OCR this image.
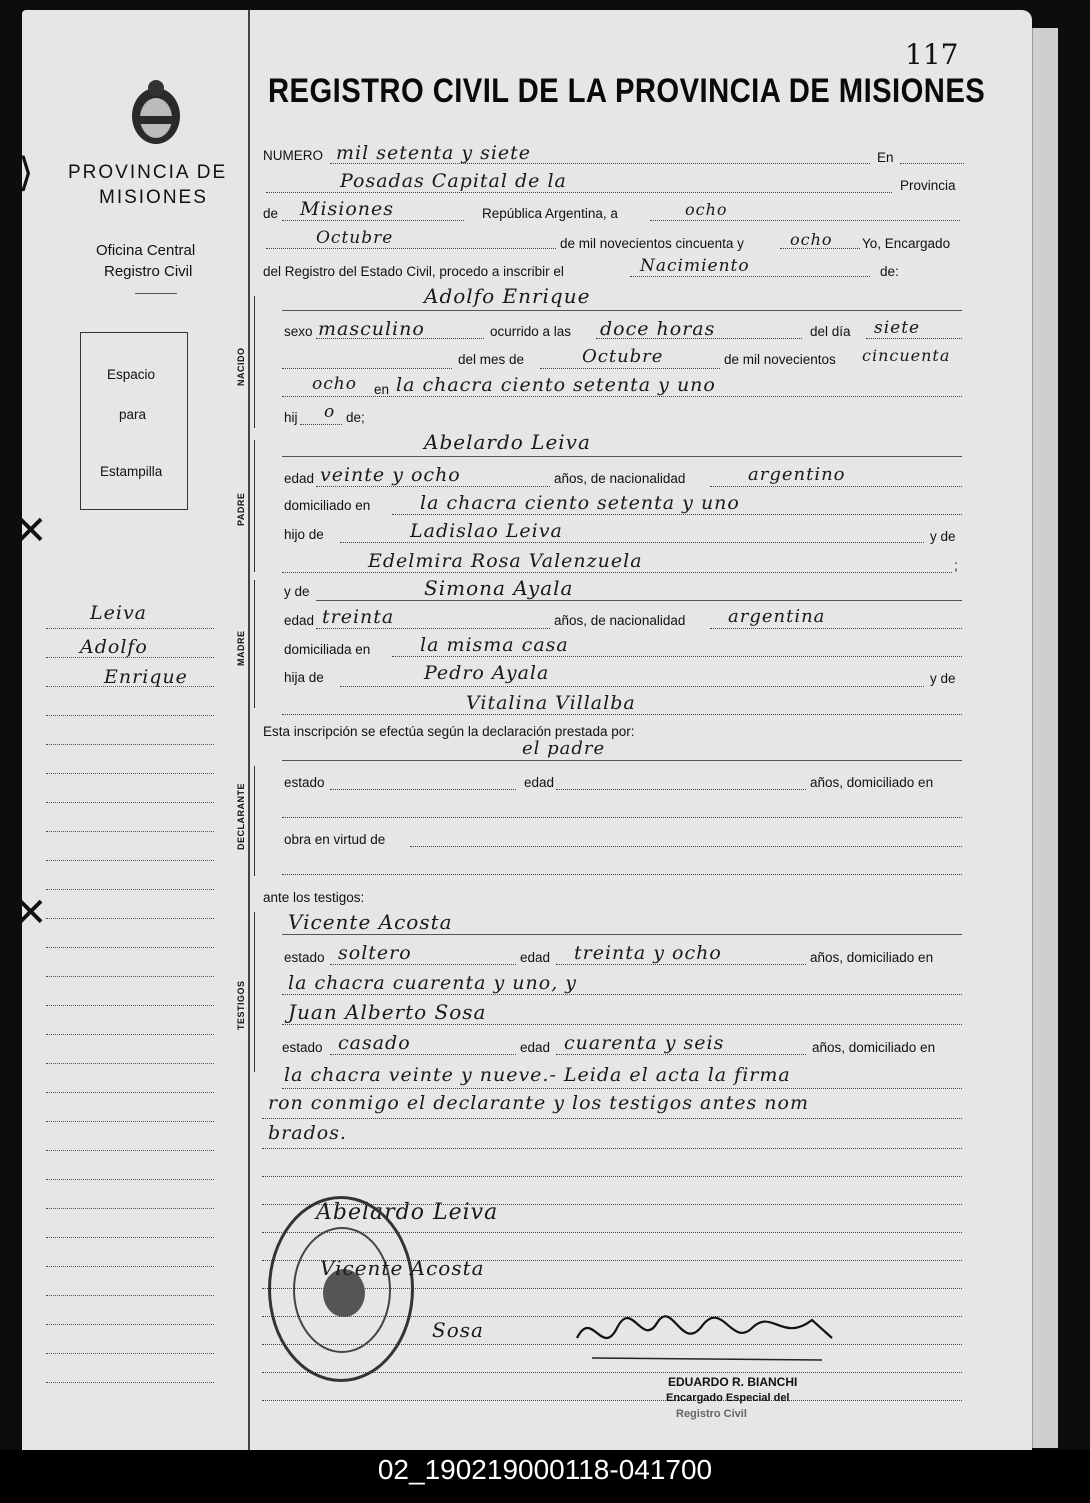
⟩
✕
✕
PROVINCIA DE
MISIONES
Oficina Central
Registro Civil
Espacio
para
Estampilla
Leiva
Adolfo
Enrique
REGISTRO CIVIL DE LA PROVINCIA DE MISIONES
117
NUMERO mil setenta y siete	En
Posadas Capital de la	Provincia
de Misiones	República Argentina, a	ocho
Octubre	de mil novecientos cincuenta y	ocho Yo, Encargado
del Registro del Estado Civil, procedo a inscribir el	Nacimiento	de:
NACIDO
Adolfo Enrique
sexo masculino	ocurrido a las doce horas	del día siete
del mes de	Octubre	de mil novecientos cincuenta
ocho en la chacra ciento setenta y uno
hij o de;
PADRE
Abelardo Leiva
edad veinte y ocho	años, de nacionalidad	argentino
domiciliado en	la chacra ciento setenta y uno
hijo de	Ladislao Leiva	y de
Edelmira Rosa Valenzuela	;
MADRE
y de	Simona Ayala
edad treinta	años, de nacionalidad argentina
domiciliada en	la misma casa
hija de	Pedro Ayala	y de
Vitalina Villalba
Esta inscripción se efectúa según la declaración prestada por:
el padre
DECLARANTE
estado	edad	años, domiciliado en
obra en virtud de
ante los testigos:
TESTIGOS
Vicente Acosta
estado soltero	edad treinta y ocho	años, domiciliado en
la chacra cuarenta y uno, y
Juan Alberto Sosa
estado casado	edad cuarenta y seis	años, domiciliado en
la chacra veinte y nueve.- Leida el acta la firma
ron conmigo el declarante y los testigos antes nom
brados.
Abelardo Leiva
Vicente Acosta
Sosa
EDUARDO R. BIANCHI
Encargado Especial del
Registro Civil
02_190219000118-041700
